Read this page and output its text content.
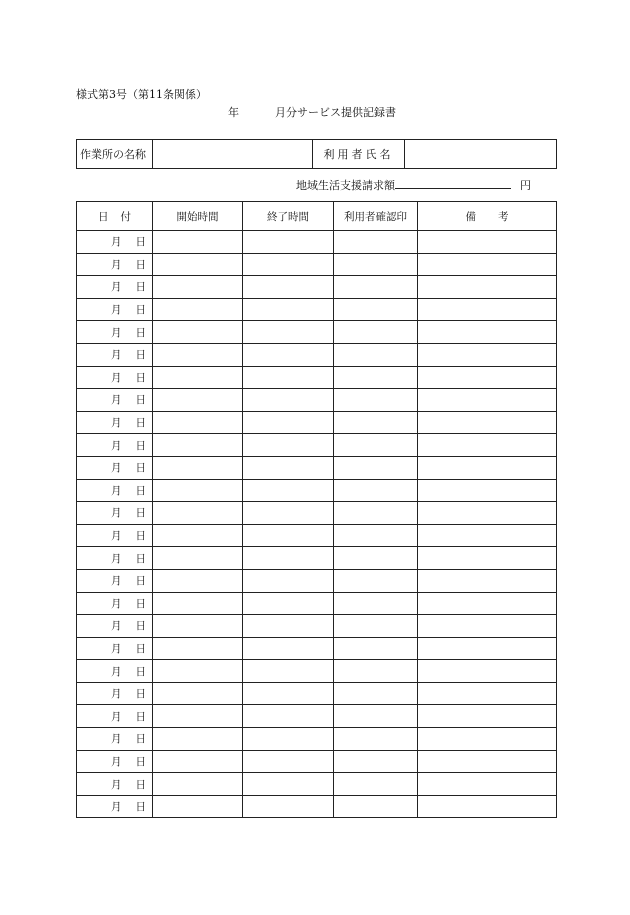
様式第3号（第11条関係）
年	月分サービス提供記録書
作業所の名称		利用者氏名	
地域生活支援請求額	円
日付	開始時間	終了時間	利用者確認印	備考
月 日				
月 日				
月 日				
月 日				
月 日				
月 日				
月 日				
月 日				
月 日				
月 日				
月 日				
月 日				
月 日				
月 日				
月 日				
月 日				
月 日				
月 日				
月 日				
月 日				
月 日				
月 日				
月 日				
月 日				
月 日				
月 日				
